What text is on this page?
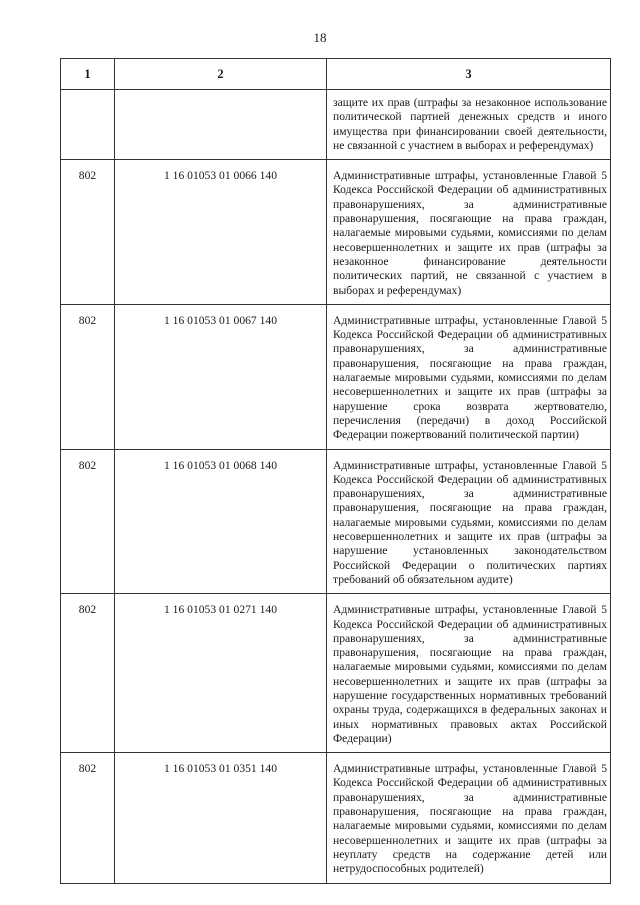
18
1	2	3
		защите их прав (штрафы за незаконное использование политической партией денежных средств и иного имущества при финансировании своей деятельности, не связанной с участием в выборах и референдумах)
802	1 16 01053 01 0066 140	Административные штрафы, установленные Главой 5 Кодекса Российской Федерации об административных правонарушениях, за административные правонарушения, посягающие на права граждан, налагаемые мировыми судьями, комиссиями по делам несовершеннолетних и защите их прав (штрафы за незаконное финансирование деятельности политических партий, не связанной с участием в выборах и референдумах)
802	1 16 01053 01 0067 140	Административные штрафы, установленные Главой 5 Кодекса Российской Федерации об административных правонарушениях, за административные правонарушения, посягающие на права граждан, налагаемые мировыми судьями, комиссиями по делам несовершеннолетних и защите их прав (штрафы за нарушение срока возврата жертвователю, перечисления (передачи) в доход Российской Федерации пожертвований политической партии)
802	1 16 01053 01 0068 140	Административные штрафы, установленные Главой 5 Кодекса Российской Федерации об административных правонарушениях, за административные правонарушения, посягающие на права граждан, налагаемые мировыми судьями, комиссиями по делам несовершеннолетних и защите их прав (штрафы за нарушение установленных законодательством Российской Федерации о политических партиях требований об обязательном аудите)
802	1 16 01053 01 0271 140	Административные штрафы, установленные Главой 5 Кодекса Российской Федерации об административных правонарушениях, за административные правонарушения, посягающие на права граждан, налагаемые мировыми судьями, комиссиями по делам несовершеннолетних и защите их прав (штрафы за нарушение государственных нормативных требований охраны труда, содержащихся в федеральных законах и иных нормативных правовых актах Российской Федерации)
802	1 16 01053 01 0351 140	Административные штрафы, установленные Главой 5 Кодекса Российской Федерации об административных правонарушениях, за административные правонарушения, посягающие на права граждан, налагаемые мировыми судьями, комиссиями по делам несовершеннолетних и защите их прав (штрафы за неуплату средств на содержание детей или нетрудоспособных родителей)
